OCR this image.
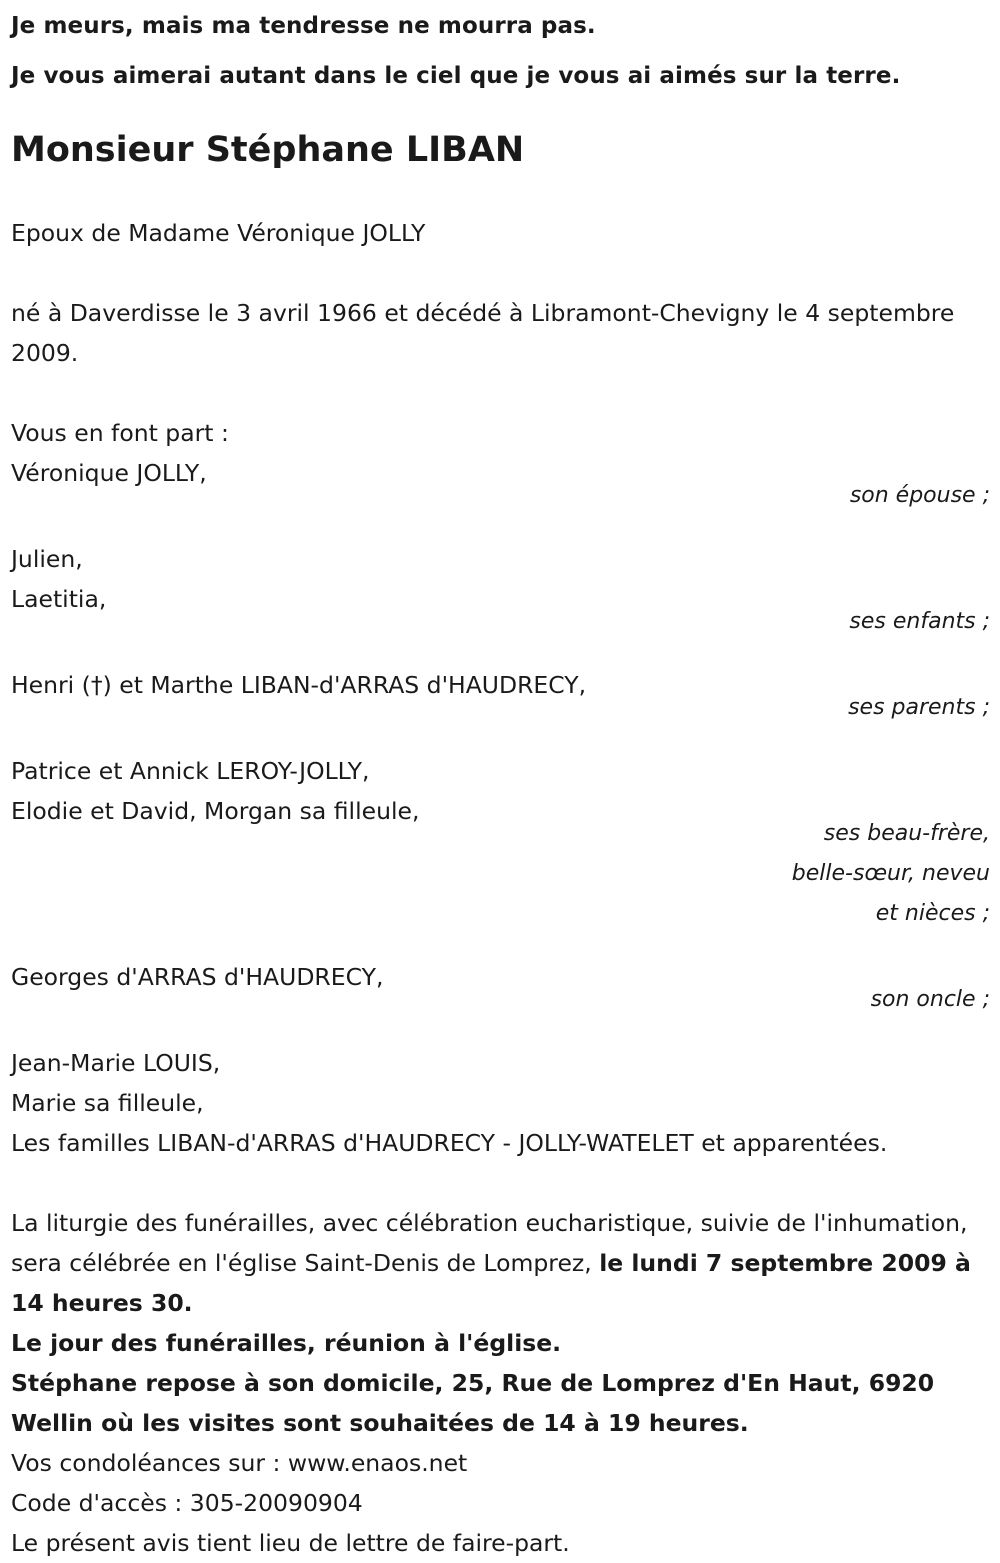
Je meurs, mais ma tendresse ne mourra pas.

Je vous aimerai autant dans le ciel que je vous ai aimés sur la terre.

Monsieur Stéphane LIBAN

Epoux de Madame Véronique JOLLY

né à Daverdisse le 3 avril 1966 et décédé à Libramont-Chevigny le 4 septembre 2009.

Vous en font part :

Véronique JOLLY,

son épouse ;

Julien,

Laetitia,

ses enfants ;

Henri (†) et Marthe LIBAN-d'ARRAS d'HAUDRECY,

ses parents ;

Patrice et Annick LEROY-JOLLY,

Elodie et David, Morgan sa filleule,

ses beau-frère,

belle-sœur, neveu

et nièces ;

Georges d'ARRAS d'HAUDRECY,

son oncle ;

Jean-Marie LOUIS,

Marie sa filleule,

Les familles LIBAN-d'ARRAS d'HAUDRECY - JOLLY-WATELET et apparentées.

La liturgie des funérailles, avec célébration eucharistique, suivie de l'inhumation, sera célébrée en l'église Saint-Denis de Lomprez, le lundi 7 septembre 2009 à 14 heures 30.

Le jour des funérailles, réunion à l'église.

Stéphane repose à son domicile, 25, Rue de Lomprez d'En Haut, 6920 Wellin où les visites sont souhaitées de 14 à 19 heures.

Vos condoléances sur : www.enaos.net

Code d'accès : 305-20090904

Le présent avis tient lieu de lettre de faire-part.
